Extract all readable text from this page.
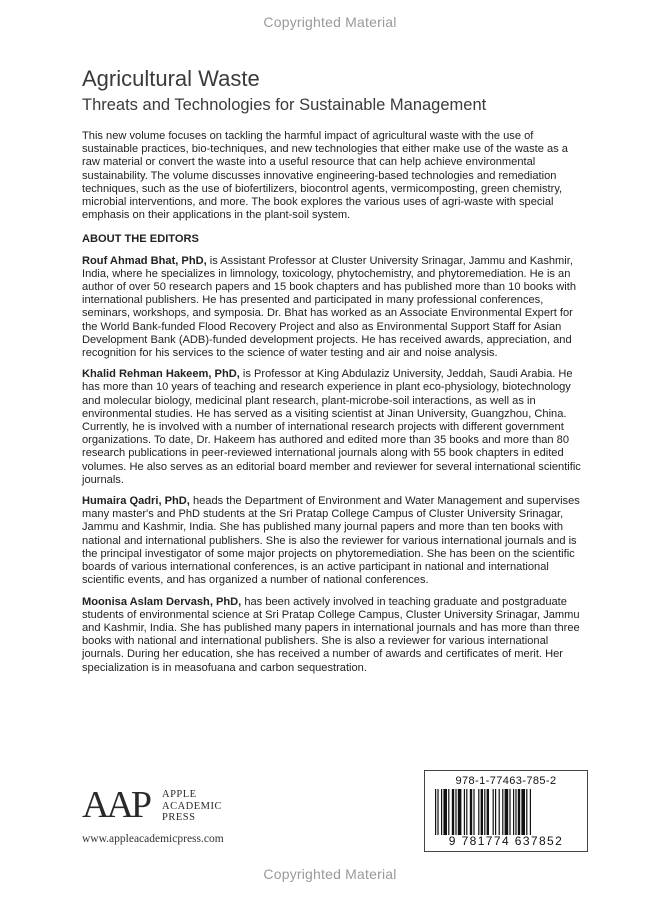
Copyrighted Material
Agricultural Waste
Threats and Technologies for Sustainable Management

This new volume focuses on tackling the harmful impact of agricultural waste with the use of sustainable practices, bio-techniques, and new technologies that either make use of the waste as a raw material or convert the waste into a useful resource that can help achieve environmental sustainability. The volume discusses innovative engineering-based technologies and remediation techniques, such as the use of biofertilizers, biocontrol agents, vermicomposting, green chemistry, microbial interventions, and more. The book explores the various uses of agri-waste with special emphasis on their applications in the plant-soil system.

ABOUT THE EDITORS

Rouf Ahmad Bhat, PhD, is Assistant Professor at Cluster University Srinagar, Jammu and Kashmir, India, where he specializes in limnology, toxicology, phytochemistry, and phytoremediation. He is an author of over 50 research papers and 15 book chapters and has published more than 10 books with international publishers. He has presented and participated in many professional conferences, seminars, workshops, and symposia. Dr. Bhat has worked as an Associate Environmental Expert for the World Bank-funded Flood Recovery Project and also as Environmental Support Staff for Asian Development Bank (ADB)-funded development projects. He has received awards, appreciation, and recognition for his services to the science of water testing and air and noise analysis.

Khalid Rehman Hakeem, PhD, is Professor at King Abdulaziz University, Jeddah, Saudi Arabia. He has more than 10 years of teaching and research experience in plant eco-physiology, biotechnology and molecular biology, medicinal plant research, plant-microbe-soil interactions, as well as in environmental studies. He has served as a visiting scientist at Jinan University, Guangzhou, China. Currently, he is involved with a number of international research projects with different government organizations. To date, Dr. Hakeem has authored and edited more than 35 books and more than 80 research publications in peer-reviewed international journals along with 55 book chapters in edited volumes. He also serves as an editorial board member and reviewer for several international scientific journals.

Humaira Qadri, PhD, heads the Department of Environment and Water Management and supervises many master's and PhD students at the Sri Pratap College Campus of Cluster University Srinagar, Jammu and Kashmir, India. She has published many journal papers and more than ten books with national and international publishers. She is also the reviewer for various international journals and is the principal investigator of some major projects on phytoremediation. She has been on the scientific boards of various international conferences, is an active participant in national and international scientific events, and has organized a number of national conferences.

Moonisa Aslam Dervash, PhD, has been actively involved in teaching graduate and postgraduate students of environmental science at Sri Pratap College Campus, Cluster University Srinagar, Jammu and Kashmir, India. She has published many papers in international journals and has more than three books with national and international publishers. She is also a reviewer for various international journals. During her education, she has received a number of awards and certificates of merit. Her specialization is in measofuana and carbon sequestration.

AAP APPLE
ACADEMIC
PRESS
www.appleacademicpress.com
978-1-77463-785-2
9 781774 637852
Copyrighted Material
